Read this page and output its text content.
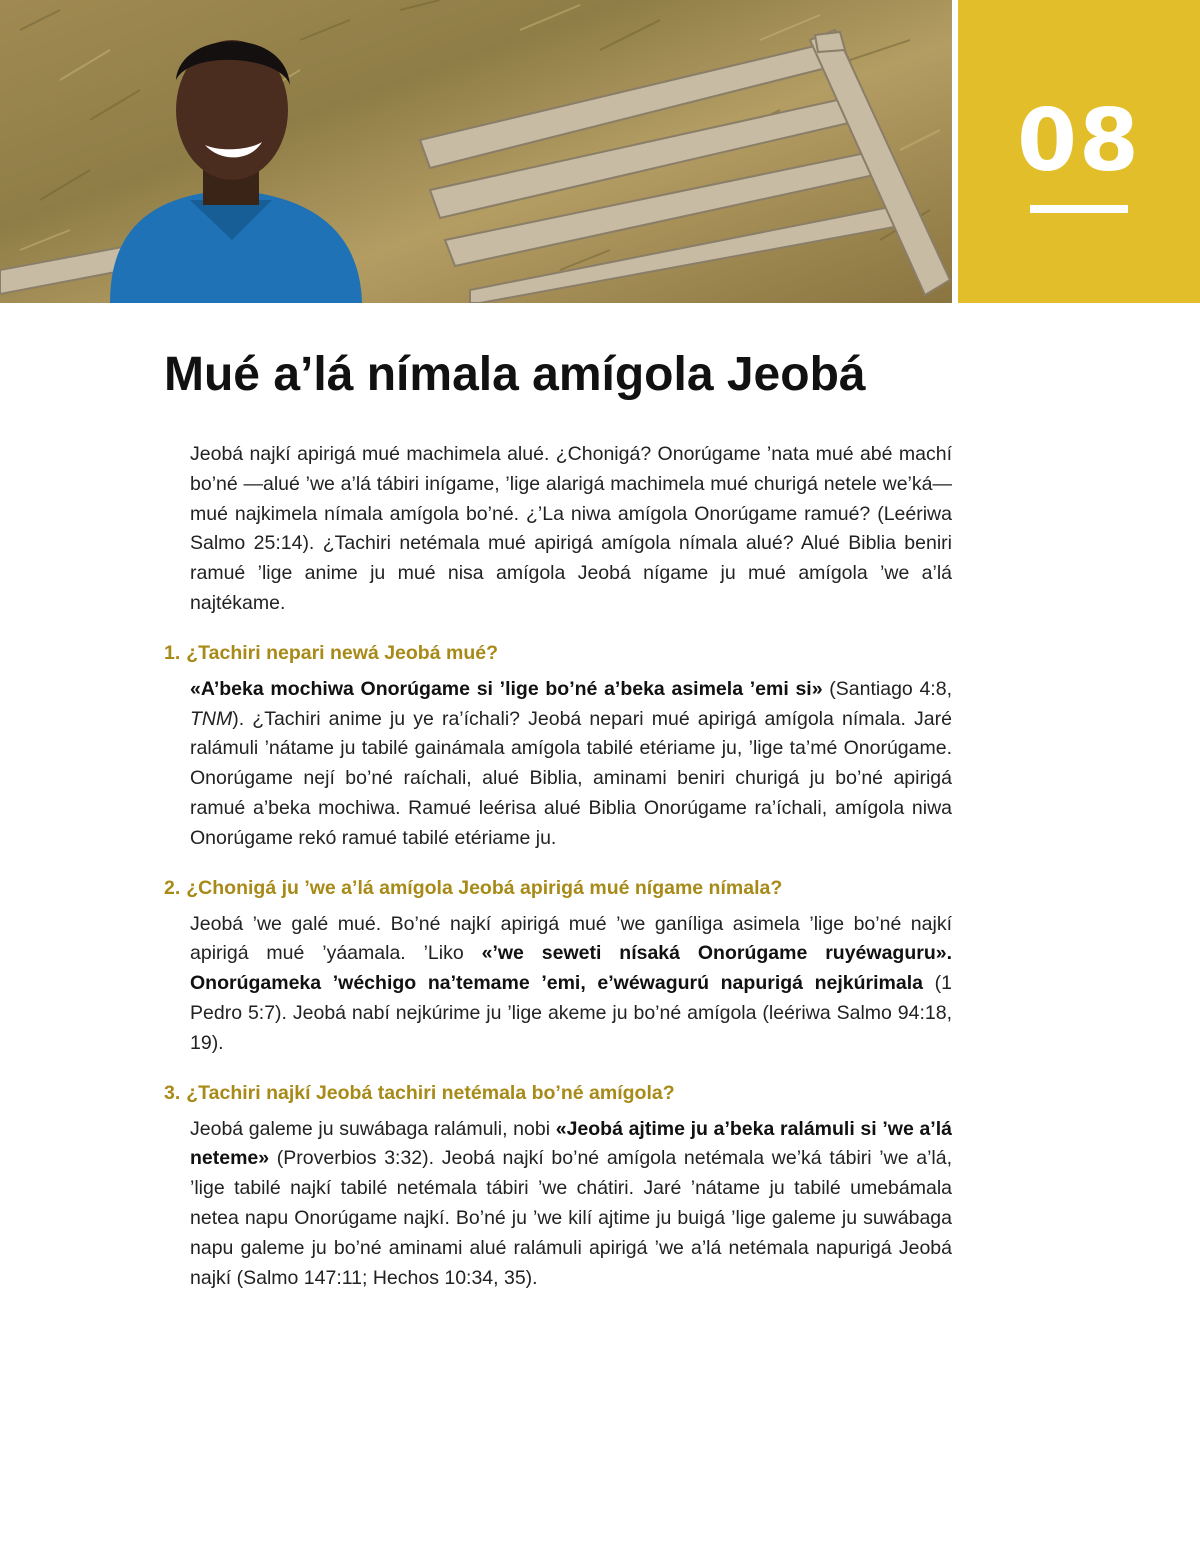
08
Mué a’lá nímala amígola Jeobá

Jeobá najkí apirigá mué machimela alué. ¿Chonigá? Onorúgame ’nata mué abé machí bo’né —alué ’we a’lá tábiri inígame, ’lige alarigá machimela mué churigá netele we’ká— mué najkimela nímala amígola bo’né. ¿’La niwa amígola Onorúgame ramué? (Leériwa Salmo 25:14). ¿Tachiri netémala mué apirigá amígola nímala alué? Alué Biblia beniri ramué ’lige anime ju mué nisa amígola Jeobá nígame ju mué amígola ’we a’lá najtékame.

1. ¿Tachiri nepari newá Jeobá mué?

«A’beka mochiwa Onorúgame si ’lige bo’né a’beka asimela ’emi si» (Santiago 4:8, TNM). ¿Tachiri anime ju ye ra’íchali? Jeobá nepari mué apirigá amígola nímala. Jaré ralámuli ’nátame ju tabilé gainámala amígola tabilé etériame ju, ’lige ta’mé Onorúgame. Onorúgame nejí bo’né raíchali, alué Biblia, aminami beniri churigá ju bo’né apirigá ramué a’beka mochiwa. Ramué leérisa alué Biblia Onorúgame ra’íchali, amígola niwa Onorúgame rekó ramué tabilé etériame ju.

2. ¿Chonigá ju ’we a’lá amígola Jeobá apirigá mué nígame nímala?

Jeobá ’we galé mué. Bo’né najkí apirigá mué ’we ganíliga asimela ’lige bo’né najkí apirigá mué ’yáamala. ’Liko «’we seweti nísaká Onorúgame ruyéwaguru». Onorúgameka ’wéchigo na’temame ’emi, e’wéwagurú napurigá nejkúrimala (1 Pedro 5:7). Jeobá nabí nejkúrime ju ’lige akeme ju bo’né amígola (leériwa Salmo 94:18, 19).

3. ¿Tachiri najkí Jeobá tachiri netémala bo’né amígola?

Jeobá galeme ju suwábaga ralámuli, nobi «Jeobá ajtime ju a’beka ralámuli si ’we a’lá neteme» (Proverbios 3:32). Jeobá najkí bo’né amígola netémala we’ká tábiri ’we a’lá, ’lige tabilé najkí tabilé netémala tábiri ’we chátiri. Jaré ’nátame ju tabilé umebámala netea napu Onorúgame najkí. Bo’né ju ’we kilí ajtime ju buigá ’lige galeme ju suwábaga napu galeme ju bo’né aminami alué ralámuli apirigá ’we a’lá netémala napurigá Jeobá najkí (Salmo 147:11; Hechos 10:34, 35).
